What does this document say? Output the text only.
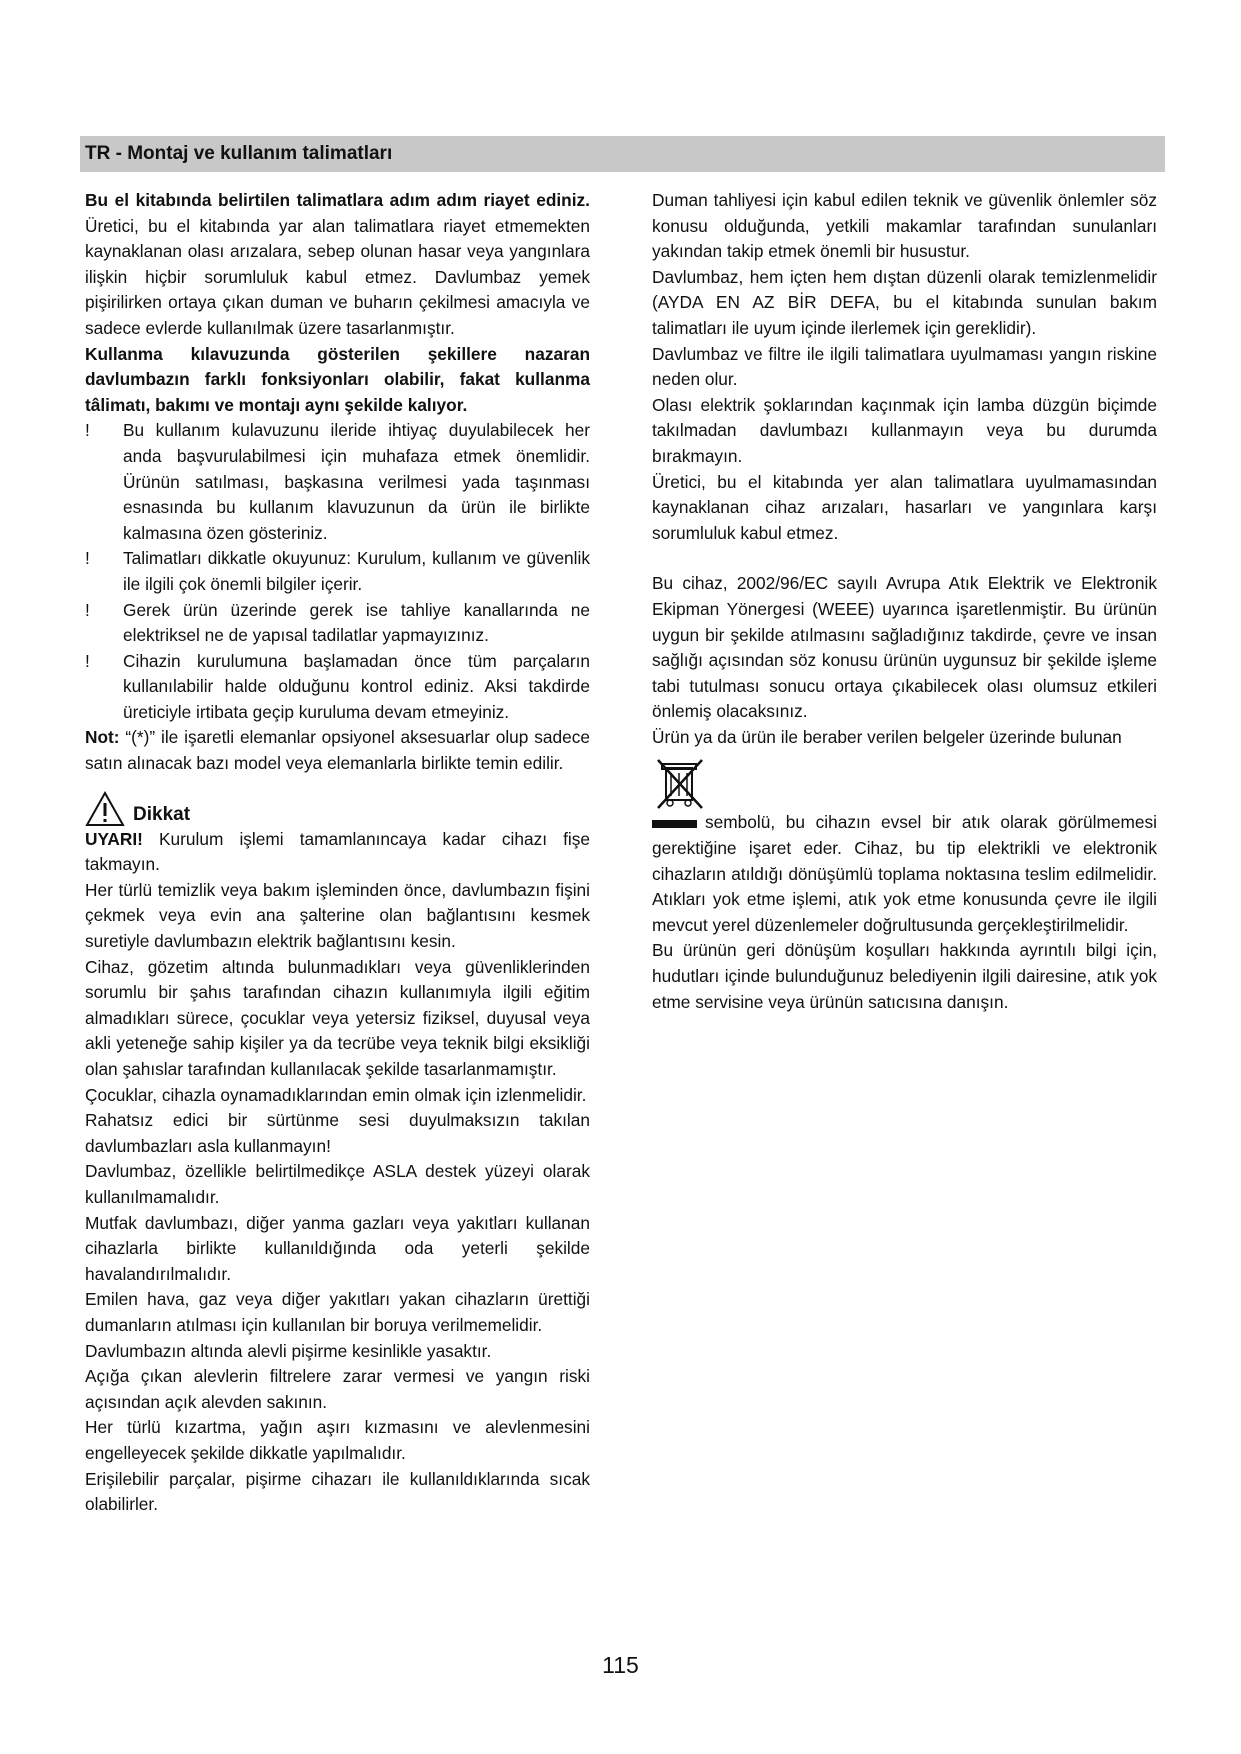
TR - Montaj ve kullanım talimatları

Bu el kitabında belirtilen talimatlara adım adım riayet ediniz. Üretici, bu el kitabında yar alan talimatlara riayet etmemekten kaynaklanan olası arızalara, sebep olunan hasar veya yangınlara ilişkin hiçbir sorumluluk kabul etmez. Davlumbaz yemek pişirilirken ortaya çıkan duman ve buharın çekilmesi amacıyla ve sadece evlerde kullanılmak üzere tasarlanmıştır.

Kullanma kılavuzunda gösterilen şekillere nazaran davlumbazın farklı fonksiyonları olabilir, fakat kullanma tâlimatı, bakımı ve montajı aynı şekilde kalıyor.

!	Bu kullanım kulavuzunu ileride ihtiyaç duyulabilecek her anda başvurulabilmesi için muhafaza etmek önemlidir. Ürünün satılması, başkasına verilmesi yada taşınması esnasında bu kullanım klavuzunun da ürün ile birlikte kalmasına özen gösteriniz.
!	Talimatları dikkatle okuyunuz: Kurulum, kullanım ve güvenlik ile ilgili çok önemli bilgiler içerir.
!	Gerek ürün üzerinde gerek ise tahliye kanallarında ne elektriksel ne de yapısal tadilatlar yapmayızınız.
!	Cihazin kurulumuna başlamadan önce tüm parçaların kullanılabilir halde olduğunu kontrol ediniz. Aksi takdirde üreticiyle irtibata geçip kuruluma devam etmeyiniz.

Not: “(*)” ile işaretli elemanlar opsiyonel aksesuarlar olup sadece satın alınacak bazı model veya elemanlarla birlikte temin edilir.

Dikkat

UYARI! Kurulum işlemi tamamlanıncaya kadar cihazı fişe takmayın.

Her türlü temizlik veya bakım işleminden önce, davlumbazın fişini çekmek veya evin ana şalterine olan bağlantısını kesmek suretiyle davlumbazın elektrik bağlantısını kesin.

Cihaz, gözetim altında bulunmadıkları veya güvenliklerinden sorumlu bir şahıs tarafından cihazın kullanımıyla ilgili eğitim almadıkları sürece, çocuklar veya yetersiz fiziksel, duyusal veya akli yeteneğe sahip kişiler ya da tecrübe veya teknik bilgi eksikliği olan şahıslar tarafından kullanılacak şekilde tasarlanmamıştır.

Çocuklar, cihazla oynamadıklarından emin olmak için izlenmelidir.

Rahatsız edici bir sürtünme sesi duyulmaksızın takılan davlumbazları asla kullanmayın!

Davlumbaz, özellikle belirtilmedikçe ASLA destek yüzeyi olarak kullanılmamalıdır.

Mutfak davlumbazı, diğer yanma gazları veya yakıtları kullanan cihazlarla birlikte kullanıldığında oda yeterli şekilde havalandırılmalıdır.

Emilen hava, gaz veya diğer yakıtları yakan cihazların ürettiği dumanların atılması için kullanılan bir boruya verilmemelidir.

Davlumbazın altında alevli pişirme kesinlikle yasaktır.

Açığa çıkan alevlerin filtrelere zarar vermesi ve yangın riski açısından açık alevden sakının.

Her türlü kızartma, yağın aşırı kızmasını ve alevlenmesini engelleyecek şekilde dikkatle yapılmalıdır.

Erişilebilir parçalar, pişirme cihazarı ile kullanıldıklarında sıcak olabilirler.

Duman tahliyesi için kabul edilen teknik ve güvenlik önlemler söz konusu olduğunda, yetkili makamlar tarafından sunulanları yakından takip etmek önemli bir husustur.

Davlumbaz, hem içten hem dıştan düzenli olarak temizlenmelidir (AYDA EN AZ BİR DEFA, bu el kitabında sunulan bakım talimatları ile uyum içinde ilerlemek için gereklidir).

Davlumbaz ve filtre ile ilgili talimatlara uyulmaması yangın riskine neden olur.

Olası elektrik şoklarından kaçınmak için lamba düzgün biçimde takılmadan davlumbazı kullanmayın veya bu durumda bırakmayın.

Üretici, bu el kitabında yer alan talimatlara uyulmamasından kaynaklanan cihaz arızaları, hasarları ve yangınlara karşı sorumluluk kabul etmez.

Bu cihaz, 2002/96/EC sayılı Avrupa Atık Elektrik ve Elektronik Ekipman Yönergesi (WEEE) uyarınca işaretlenmiştir. Bu ürünün uygun bir şekilde atılmasını sağladığınız takdirde, çevre ve insan sağlığı açısından söz konusu ürünün uygunsuz bir şekilde işleme tabi tutulması sonucu ortaya çıkabilecek olası olumsuz etkileri önlemiş olacaksınız.

Ürün ya da ürün ile beraber verilen belgeler üzerinde bulunan

sembolü, bu cihazın evsel bir atık olarak görülmemesi gerektiğine işaret eder. Cihaz, bu tip elektrikli ve elektronik cihazların atıldığı dönüşümlü toplama noktasına teslim edilmelidir. Atıkları yok etme işlemi, atık yok etme konusunda çevre ile ilgili mevcut yerel düzenlemeler doğrultusunda gerçekleştirilmelidir.

Bu ürünün geri dönüşüm koşulları hakkında ayrıntılı bilgi için, hudutları içinde bulunduğunuz belediyenin ilgili dairesine, atık yok etme servisine veya ürünün satıcısına danışın.

115
